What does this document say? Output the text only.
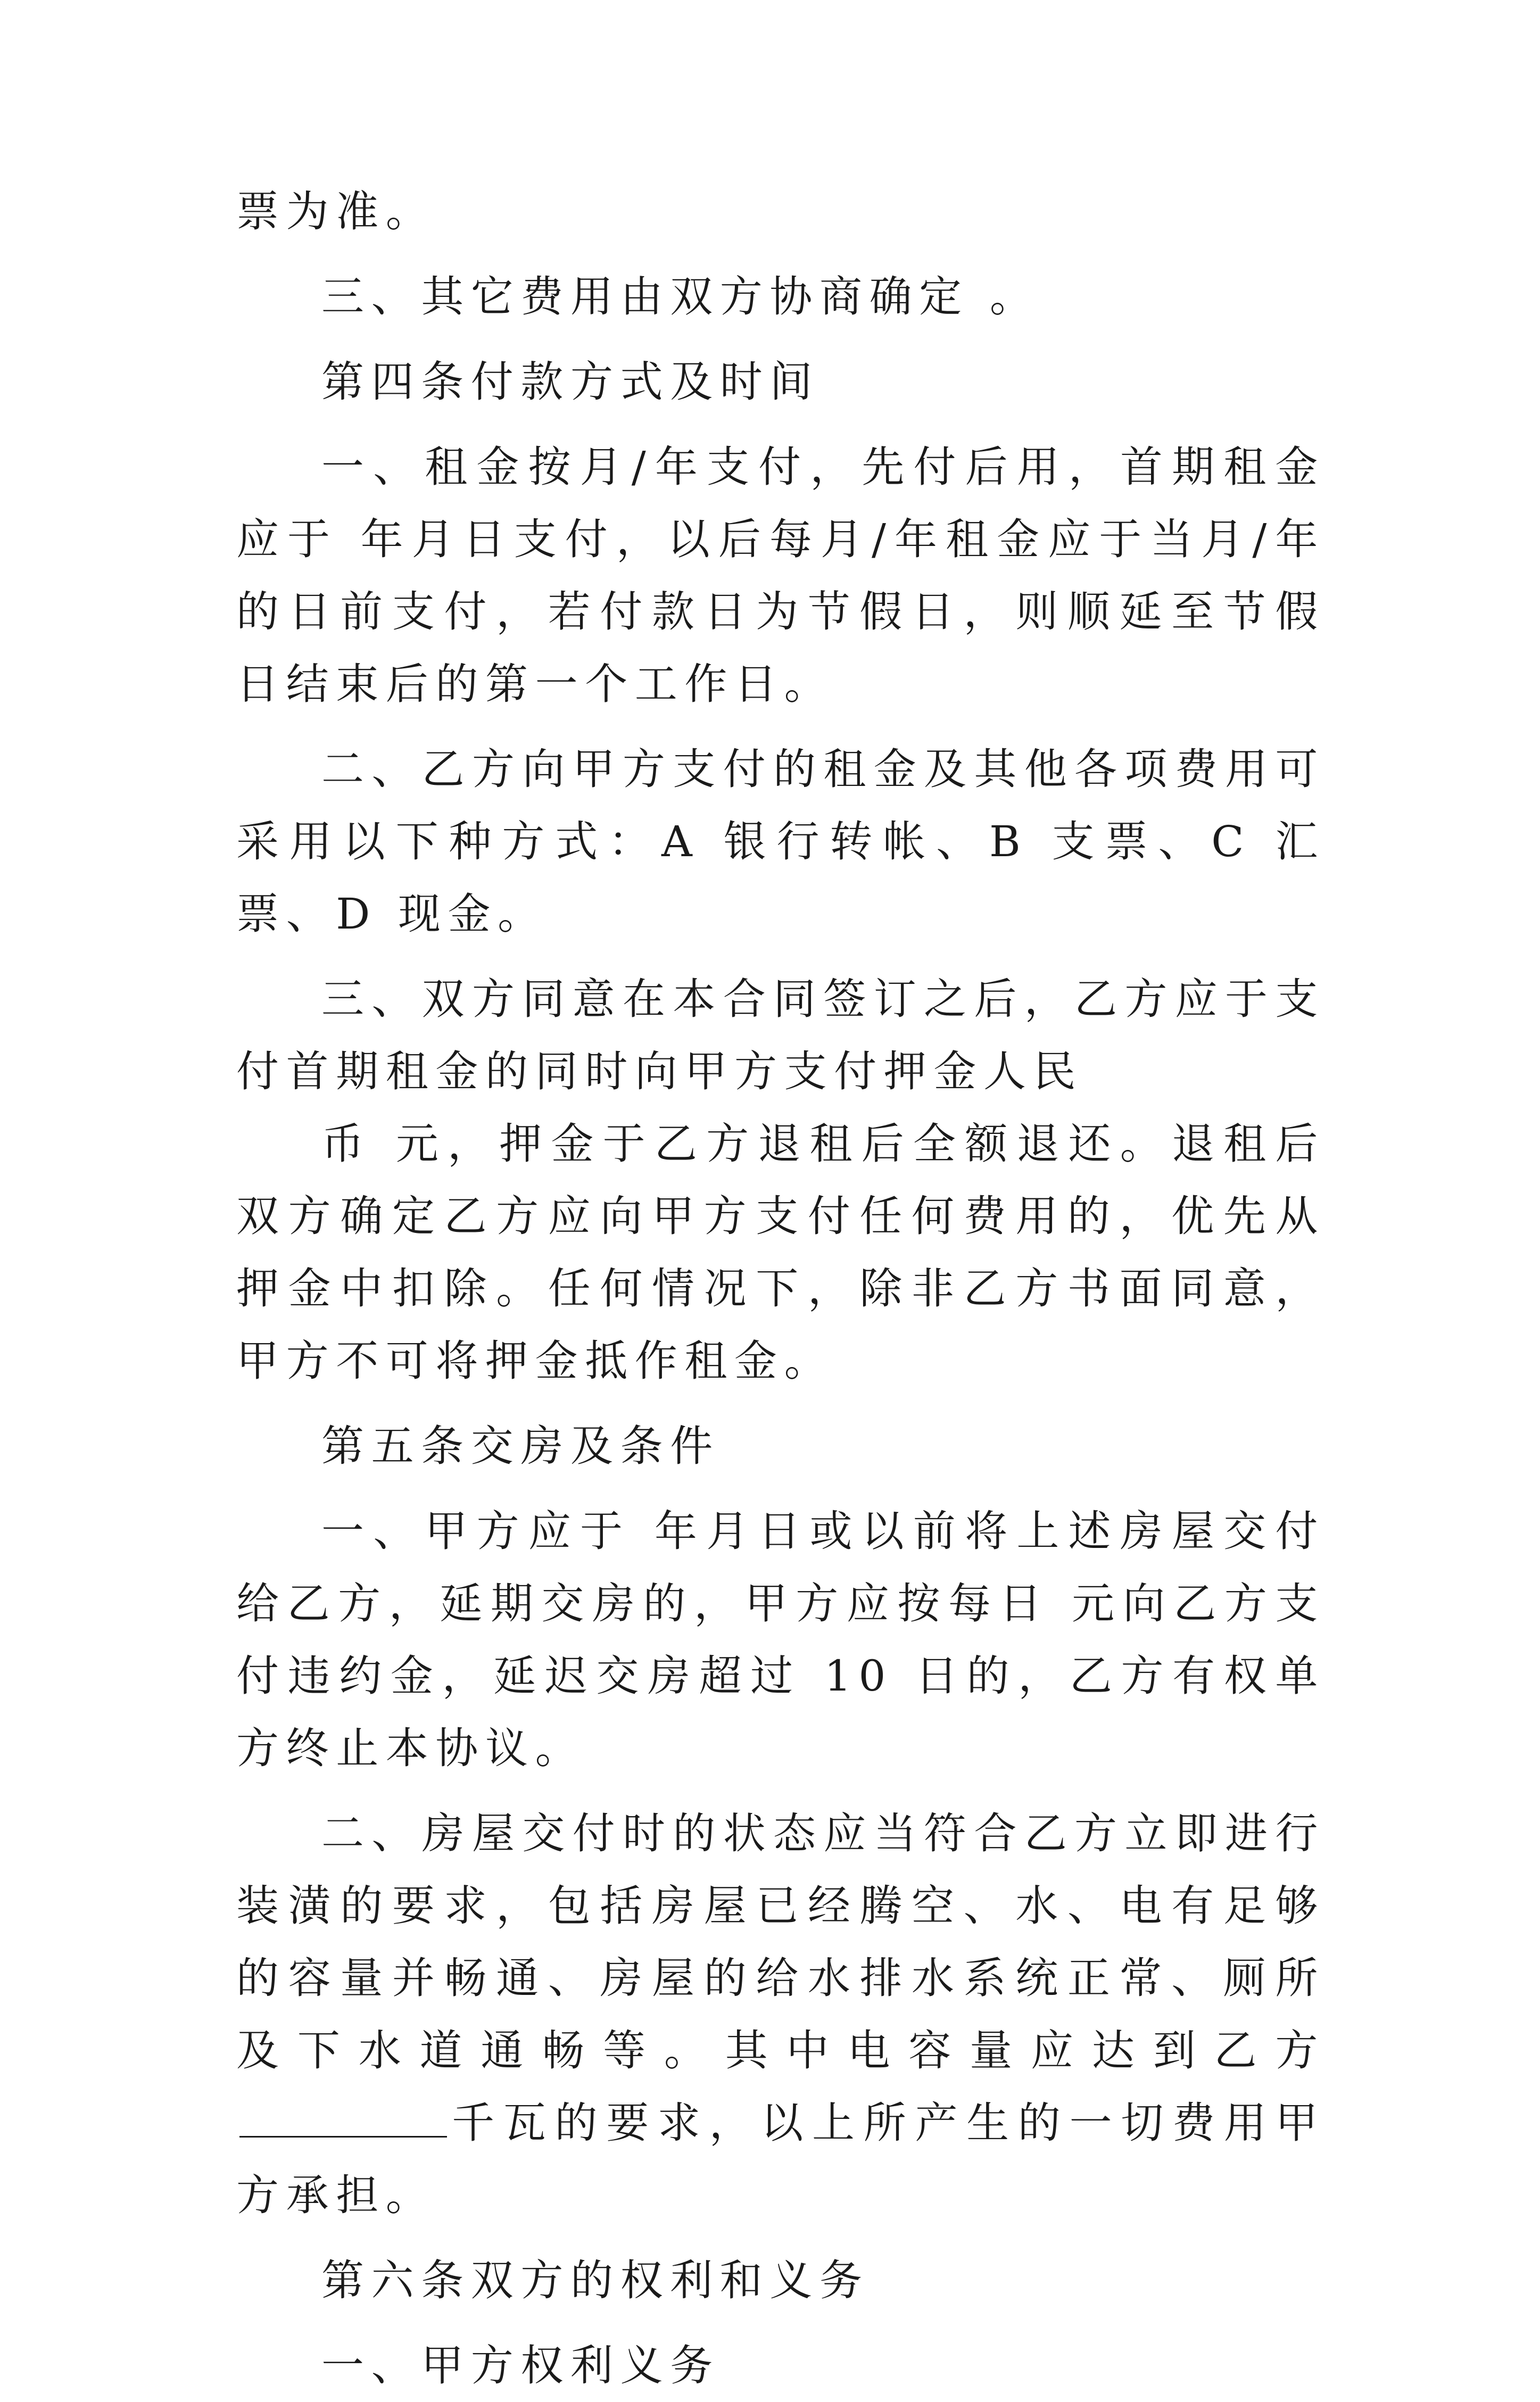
票为准。

三、其它费用由双方协商确定 。

第四条付款方式及时间

一、租金按月/年支付，先付后用，首期租金应于 年月日支付，以后每月/年租金应于当月/年的日前支付，若付款日为节假日，则顺延至节假日结束后的第一个工作日。

二、乙方向甲方支付的租金及其他各项费用可采用以下种方式：A 银行转帐、B 支票、C 汇票、D 现金。

三、双方同意在本合同签订之后，乙方应于支付首期租金的同时向甲方支付押金人民

币 元，押金于乙方退租后全额退还。退租后双方确定乙方应向甲方支付任何费用的，优先从押金中扣除。任何情况下，除非乙方书面同意，甲方不可将押金抵作租金。

第五条交房及条件

一、甲方应于 年月日或以前将上述房屋交付给乙方，延期交房的，甲方应按每日 元向乙方支付违约金，延迟交房超过 10 日的，乙方有权单方终止本协议。

二、房屋交付时的状态应当符合乙方立即进行装潢的要求，包括房屋已经腾空、水、电有足够的容量并畅通、房屋的给水排水系统正常、厕所及下水道通畅等。其中电容量应达到乙方千瓦的要求，以上所产生的一切费用甲方承担。

第六条双方的权利和义务

一、甲方权利义务
